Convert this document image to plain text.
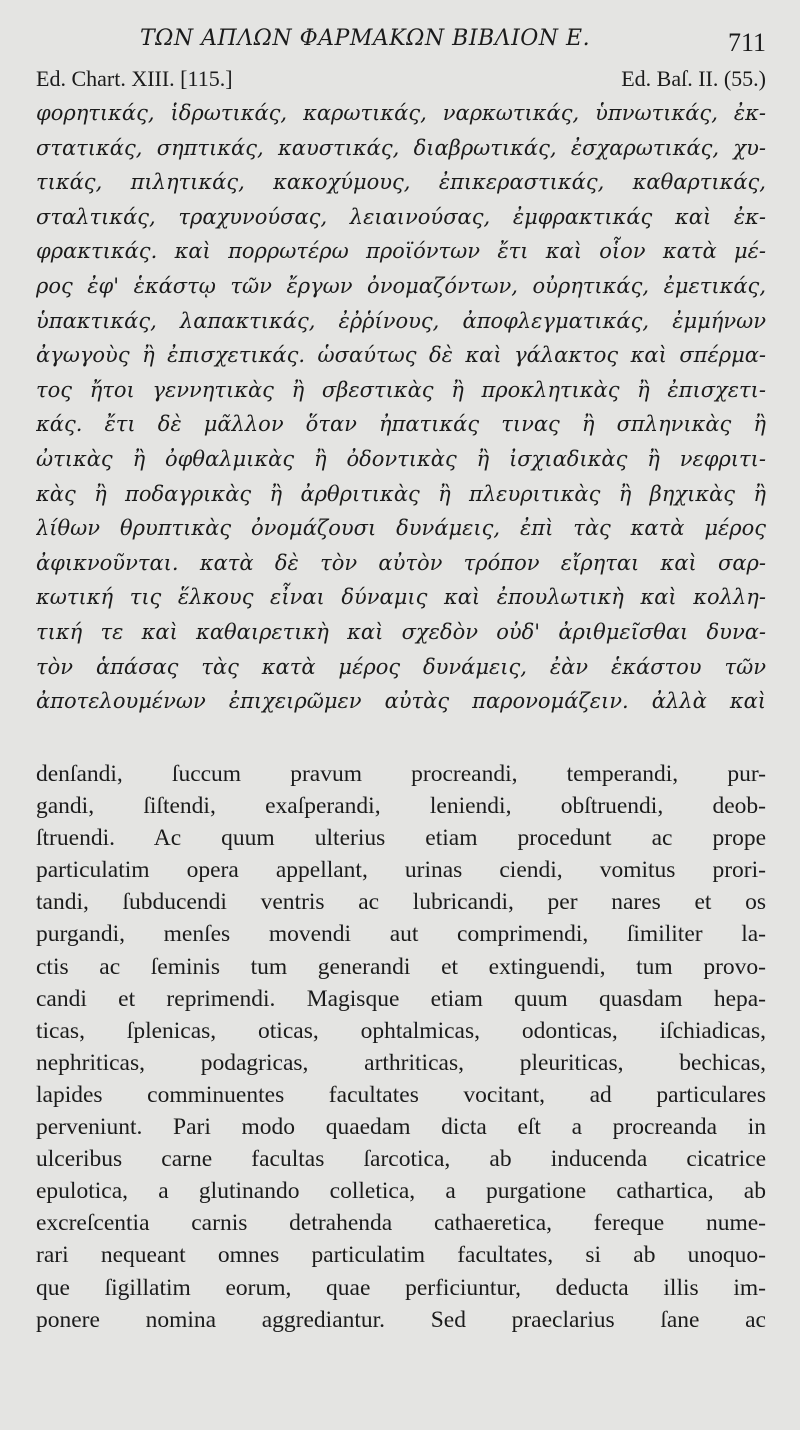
ΤΩΝ ΑΠΛΩΝ ΦΑΡΜΑΚΩΝ ΒΙΒΛΙΟΝ Ε.	711
Ed. Chart. XIII. [115.]	Ed. Baſ. II. (55.)
φορητικάς, ἱδρωτικάς, καρωτικάς, ναρκωτικάς, ὑπνωτικάς, ἐκ-
στατικάς, σηπτικάς, καυστικάς, διαβρωτικάς, ἐσχαρωτικάς, χυ-
τικάς, πιλητικάς, κακοχύμους, ἐπικεραστικάς, καθαρτικάς,
σταλτικάς, τραχυνούσας, λειαινούσας, ἐμφρακτικάς καὶ ἐκ-
φρακτικάς. καὶ πορρωτέρω προϊόντων ἔτι καὶ οἷον κατὰ μέ-
ρος ἐφ' ἑκάστῳ τῶν ἔργων ὀνομαζόντων, οὐρητικάς, ἐμετικάς,
ὑπακτικάς, λαπακτικάς, ἐῤῥίνους, ἀποφλεγματικάς, ἐμμήνων
ἀγωγοὺς ἢ ἐπισχετικάς. ὡσαύτως δὲ καὶ γάλακτος καὶ σπέρμα-
τος ἤτοι γεννητικὰς ἢ σβεστικὰς ἢ προκλητικὰς ἢ ἐπισχετι-
κάς. ἔτι δὲ μᾶλλον ὅταν ἠπατικάς τινας ἢ σπληνικὰς ἢ
ὠτικὰς ἢ ὀφθαλμικὰς ἢ ὀδοντικὰς ἢ ἰσχιαδικὰς ἢ νεφριτι-
κὰς ἢ ποδαγρικὰς ἢ ἀρθριτικὰς ἢ πλευριτικὰς ἢ βηχικὰς ἢ
λίθων θρυπτικὰς ὀνομάζουσι δυνάμεις, ἐπὶ τὰς κατὰ μέρος
ἀφικνοῦνται. κατὰ δὲ τὸν αὐτὸν τρόπον εἴρηται καὶ σαρ-
κωτική τις ἕλκους εἶναι δύναμις καὶ ἐπουλωτικὴ καὶ κολλη-
τική τε καὶ καθαιρετικὴ καὶ σχεδὸν οὐδ' ἀριθμεῖσθαι δυνα-
τὸν ἁπάσας τὰς κατὰ μέρος δυνάμεις, ἐὰν ἑκάστου τῶν
ἀποτελουμένων ἐπιχειρῶμεν αὐτὰς παρονομάζειν. ἀλλὰ καὶ
denſandi, ſuccum pravum procreandi, temperandi, pur-
gandi, ſiſtendi, exaſperandi, leniendi, obſtruendi, deob-
ſtruendi. Ac quum ulterius etiam procedunt ac prope
particulatim opera appellant, urinas ciendi, vomitus prori-
tandi, ſubducendi ventris ac lubricandi, per nares et os
purgandi, menſes movendi aut comprimendi, ſimiliter la-
ctis ac ſeminis tum generandi et extinguendi, tum provo-
candi et reprimendi. Magisque etiam quum quasdam hepa-
ticas, ſplenicas, oticas, ophtalmicas, odonticas, iſchiadicas,
nephriticas, podagricas, arthriticas, pleuriticas, bechicas,
lapides comminuentes facultates vocitant, ad particulares
perveniunt. Pari modo quaedam dicta eſt a procreanda in
ulceribus carne facultas ſarcotica, ab inducenda cicatrice
epulotica, a glutinando colletica, a purgatione cathartica, ab
excreſcentia carnis detrahenda cathaeretica, fereque nume-
rari nequeant omnes particulatim facultates, si ab unoquo-
que ſigillatim eorum, quae perficiuntur, deducta illis im-
ponere nomina aggrediantur. Sed praeclarius ſane ac
